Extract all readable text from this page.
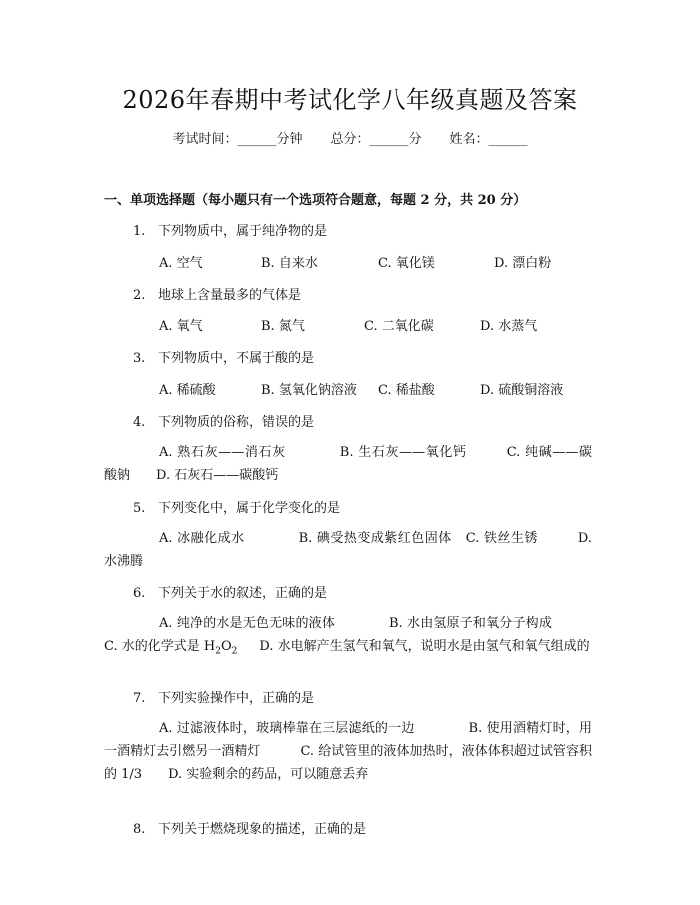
2026年春期中考试化学八年级真题及答案
考试时间：______分钟 总分：______分 姓名：______
一、单项选择题（每小题只有一个选项符合题意，每题 2 分，共 20 分）
1. 下列物质中，属于纯净物的是
A. 空气	B. 自来水	C. 氧化镁	D. 漂白粉
2. 地球上含量最多的气体是
A. 氧气	B. 氮气	C. 二氧化碳	D. 水蒸气
3. 下列物质中，不属于酸的是
A. 稀硫酸	B. 氢氧化钠溶液 C. 稀盐酸	D. 硫酸铜溶液
4. 下列物质的俗称，错误的是
A. 熟石灰——消石灰	B. 生石灰——氧化钙	C. 纯碱——碳酸钠 D. 石灰石——碳酸钙
5. 下列变化中，属于化学变化的是
A. 冰融化成水	B. 碘受热变成紫红色固体 C. 铁丝生锈	D. 水沸腾
6. 下列关于水的叙述，正确的是
A. 纯净的水是无色无味的液体	B. 水由氢原子和氧分子构成C. 水的化学式是 $H_2O_2$ D. 水电解产生氢气和氧气，说明水是由氢气和氧气组成的
7. 下列实验操作中，正确的是
A. 过滤液体时，玻璃棒靠在三层滤纸的一边	B. 使用酒精灯时，用一酒精灯去引燃另一酒精灯	C. 给试管里的液体加热时，液体体积超过试管容积的 1/3 D. 实验剩余的药品，可以随意丢弃
8. 下列关于燃烧现象的描述，正确的是
